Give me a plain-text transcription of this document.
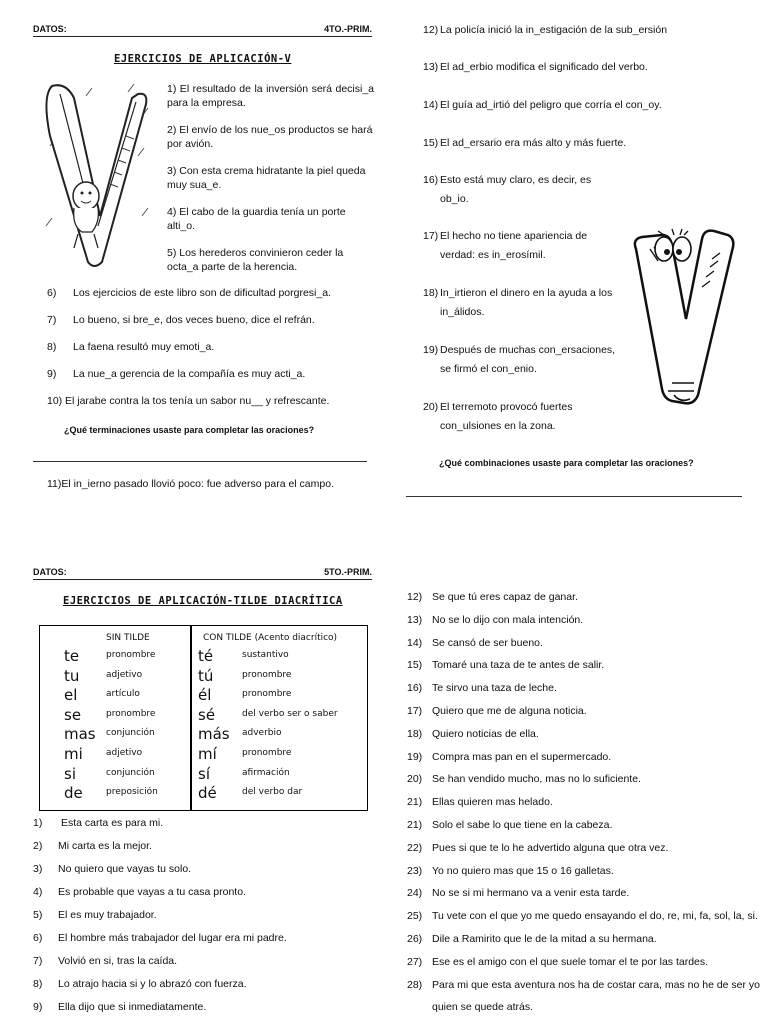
DATOS:	4TO.-PRIM.
EJERCICIOS DE APLICACIÓN-V

1) El resultado de la inversión será decisi_a para la empresa.

2) El envío de los nue_os productos se hará por avión.

3) Con esta crema hidratante la piel queda muy sua_e.

4) El cabo de la guardia tenía un porte alti_o.

5) Los herederos convinieron ceder la octa_a parte de la herencia.

6)	Los ejercicios de este libro son de dificultad porgresi_a.
7)	Lo bueno, si bre_e, dos veces bueno, dice el refrán.
8)	La faena resultó muy emoti_a.
9)	La nue_a gerencia de la compañía es muy acti_a.
10) El jarabe contra la tos tenía un sabor nu__ y refrescante.
¿Qué terminaciones usaste para completar las oraciones?
11)El in_ierno pasado llovió poco: fue adverso para el campo.
12) La policía inició la in_estigación de la sub_ersión
13) El ad_erbio modifica el significado del verbo.
14) El guía ad_irtió del peligro que corría el con_oy.
15) El ad_ersario era más alto y más fuerte.
16) Esto está muy claro, es decir, es
ob_io.
17) El hecho no tiene apariencia de
verdad: es in_erosímil.
18) In_irtieron el dinero en la ayuda a los
in_álidos.
19) Después de muchas con_ersaciones,
se firmó el con_enio.
20) El terremoto provocó fuertes
con_ulsiones en la zona.
¿Qué combinaciones usaste para completar las oraciones?
DATOS:	5TO.-PRIM.
EJERCICIOS DE APLICACIÓN-TILDE DIACRÍTICA
SIN TILDE	CON TILDE (Acento diacrítico)
te	pronombre	té	sustantivo
tu	adjetivo	tú	pronombre
el	artículo	él	pronombre
se	pronombre	sé	del verbo ser o saber
mas conjunción	más adverbio
mi	adjetivo	mí	pronombre
si	conjunción	sí	afirmación
de	preposición	dé	del verbo dar
1)	Esta carta es para mi.
2)	Mi carta es la mejor.
3)	No quiero que vayas tu solo.
4)	Es probable que vayas a tu casa pronto.
5)	El es muy trabajador.
6)	El hombre más trabajador del lugar era mi padre.
7)	Volvió en si, tras la caída.
8)	Lo atrajo hacia si y lo abrazó con fuerza.
9)	Ella dijo que si inmediatamente.
12) Se que tú eres capaz de ganar.
13) No se lo dijo con mala intención.
14) Se cansó de ser bueno.
15) Tomaré una taza de te antes de salir.
16) Te sirvo una taza de leche.
17) Quiero que me de alguna noticia.
18) Quiero noticias de ella.
19) Compra mas pan en el supermercado.
20) Se han vendido mucho, mas no lo suficiente.
21) Ellas quieren mas helado.
21) Solo el sabe lo que tiene en la cabeza.
22) Pues si que te lo he advertido alguna que otra vez.
23) Yo no quiero mas que 15 o 16 galletas.
24) No se si mi hermano va a venir esta tarde.
25) Tu vete con el que yo me quedo ensayando el do, re, mi, fa, sol, la, si.
26) Dile a Ramirito que le de la mitad a su hermana.
27) Ese es el amigo con el que suele tomar el te por las tardes.
28) Para mi que esta aventura nos ha de costar cara, mas no he de ser yo
quien se quede atrás.
